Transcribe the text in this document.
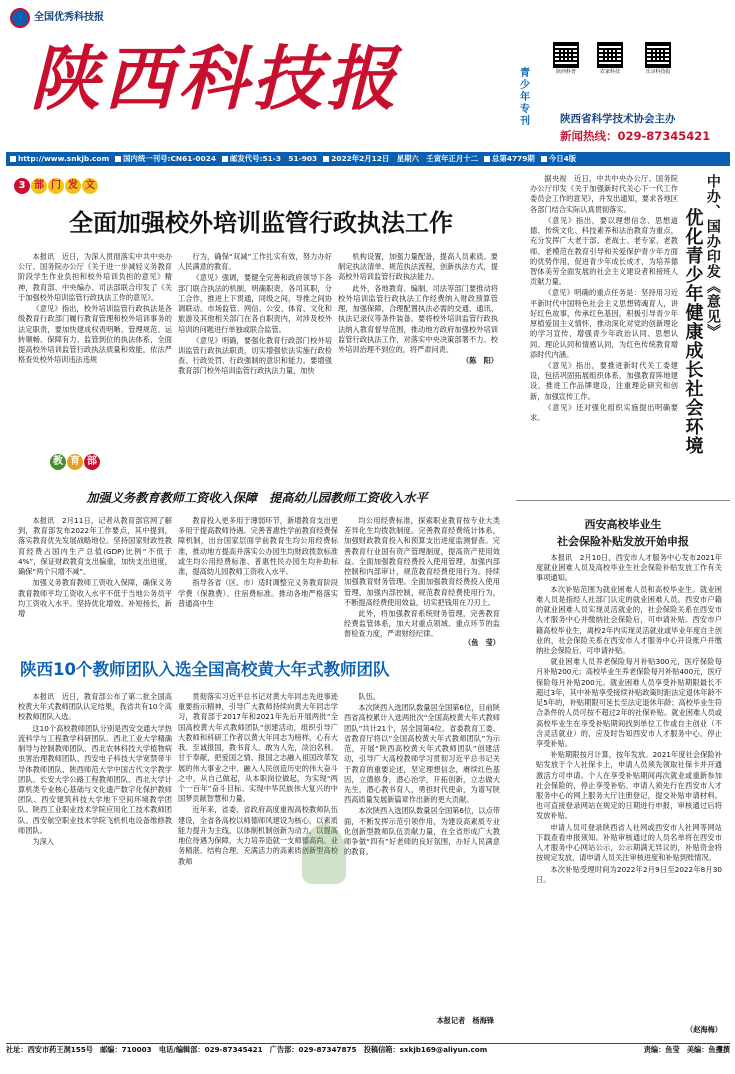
全国优秀科技报
陕西科技报	青少年专刊
陕西科普	农家科技	乐享科技报
陕西省科学技术协会主办
新闻热线：029-87345421
http://www.snkjb.com	国内统一刊号:CN61-0024	邮发代号:51-3　51-903	2022年2月12日　星期六　壬寅年正月十二	总第4779期	今日4版
3 部 门 发 文
全面加强校外培训监管行政执法工作

本报讯　近日，为深入贯彻落实中共中央办公厅、国务院办公厅《关于进一步减轻义务教育阶段学生作业负担和校外培训负担的意见》精神，教育部、中央编办、司法部联合印发了《关于加强校外培训监管行政执法工作的意见》。

《意见》指出，校外培训监管行政执法是各级教育行政部门履行教育管理和校外培训事务的法定职责，要加快建成权责明晰、管理规范、运转顺畅、保障有力、监管到位的执法体系，全面提高校外培训监管行政执法质量和效能，依法严格查处校外培训违法违规

行为，确保“双减”工作扎实有效，努力办好人民满意的教育。

《意见》强调，要健全完善和政府领导下各部门联合执法的机制，明确职责，各司其职，分工合作，推进上下贯通，同级之间，导推之间协调联动。市场监管、网信、公安、体育、文化和旅游及其他相关部门在各自职责内，对涉及校外培训的问题进行单独或联合监管。

《意见》明确，要强化教育行政部门校外培训监管行政执法职责，切实增强依法实施行政检查、行政处罚、行政强制的意识和能力。要增强教育部门校外培训监管行政执法力量，加快

机构设置，加强力量配备，提高人员素质。要制定执法清单、规范执法流程，创新执法方式，提高校外培训监管行政执法能力。

此外，各地教育、编制、司法等部门要推动将校外培训监管行政执法工作经费纳入财政预算管理，加强保障，合理配置执法必需的交通、通讯、执法记录仪等条件装备。要将校外培训监管行政执法纳入教育督导范围，推动地方政府加强校外培训监管行政执法工作，对落实中央决策部署不力、校外培训治理不到位的，将严肃问责。

（陈　阳）
教 育 部
加强义务教育教师工资收入保障　提高幼儿园教师工资收入水平

本报讯　2月11日，记者从教育部官网了解到，教育部发布2022年工作要点，其中提到，落实教育优先发展战略地位。坚持国家财政性教育经费占国内生产总值(GDP)比例“不低于4%”，保证财政教育支出偏重，加快支出进度，确保“两个只增不减”。

加强义务教育教师工资收入保障，确保义务教育教师平均工资收入水平不低于当地公务员平均工资收入水平。坚持优化增效、补短扬长，新增

教育投入更多用于薄弱环节，新增教育支出更多用于提高教师待遇。完善普惠性学前教育经费保障机制，出台国家层面学前教育生均公用经费标准，推动地方提高并落实公办园生均财政拨款标准或生均公用经费标准、普惠性民办园生均补助标准，提高幼儿园教师工资收入水平。

指导各省（区、市）适时调整完义务教育阶段学费（保教费）、住宿费标准。推动各地严格落实普通高中生

均公用经费标准，探索职业教育按专业大类差异化生均拨款制度。完善教育经费统计体系，加强财政教育投入和预算支出进度监测督查。完善教育行业国有资产管理制度，提高资产使用效益。全面加强教育经费投入使用管理，加强内部控制和内部审计，规范教育经费使用行为。持续加强教育财务管理。全面加强教育经费投入使用管理，加强内部控制，规范教育经费使用行为，不断提高经费使用效益，切实把钱用在刀刃上。

此外，将加强教育系统财务管理，完善教育经费监管体系，加大对重点领域、重点环节的监督检查力度，严肃财经纪律。

（鱼　莹）
陕西10个教师团队入选全国高校黄大年式教师团队

本报讯　近日，教育部公布了第二批全国高校黄大年式教师团队认定结果，我省共有10个高校教师团队入选。

这10个高校教师团队分别是西安交通大学热流科学与工程教学科研团队、西北工业大学精确制导与控制教师团队、西北农林科技大学植物病虫害治理教师团队、西安电子科技大学宽禁带半导体教师团队、陕西师范大学中国古代文学教学团队、长安大学公路工程教师团队、西北大学计算机类专业核心基础与文化遗产数字化保护教师团队、西安建筑科技大学地下空间环境教学团队、陕西工业职业技术学院应用化工技术教师团队、西安航空职业技术学院飞机机电设备维修教师团队。

为深入

贯彻落实习近平总书记对黄大年同志先进事迹重要指示精神，引导广大教师持续向黄大年同志学习，教育部于2017年和2021年先后开展两批“全国高校黄大年式教师团队”创建活动，组织引导广大教师和科研工作者以黄大年同志为榜样，心有大我、至诚报国，教书育人、敢为人先，淡泊名利、甘于奉献，把爱国之情、报国之志融入祖国改革发展的伟大事业之中、融入人民创造历史的伟大奋斗之中，从自己做起，从本职岗位做起，为实现“两个一百年”奋斗目标、实现中华民族伟大复兴的中国梦贡献智慧和力量。

近年来，省委、省政府高度重视高校教师队伍建设，全省各高校以师德师风建设为核心，以素质能力提升为主线，以体制机制创新为动力，以提高地位待遇为保障，大力培养造就一支师德高尚、业务精湛、结构合理、充满活力的高素质创新型高校教师

队伍。

本次陕西入选团队数量居全国第6位，目前陕西省高校累计入选两批次“全国高校黄大年式教师团队”共计21个，居全国第4位。省委教育工委、省教育厅将以“全国高校黄大年式教师团队”为示范，开展“陕西高校黄大年式教师团队”创建活动，引导广大高校教师学习贯彻习近平总书记关于教育的重要论述，坚定理想信念，赓续红色基因，立德修身，潜心治学，开拓创新，立志做大先生，潜心教书育人，勇担时代使命，为谱写陕西高质量发展新篇章作出新的更大贡献。

本次陕西入选团队数量居全国第6位，以点带面，不断发挥示范引领作用，为建设高素质专业化创新型教师队伍贡献力量，在全省形成广大教师争做“四有”好老师的良好氛围，办好人民满意的教育。

本报记者　杨海锋
中办、国办印发《意见》
优化青少年健康成长社会环境

据央视　近日，中共中央办公厅、国务院办公厅印发《关于加强新时代关心下一代工作委员会工作的意见》，并发出通知，要求各地区各部门结合实际认真贯彻落实。

《意见》指出，要以理想信念、思想道德、传统文化、科技素养和法治教育为重点，充分发挥广大老干部、老战士、老专家、老教师、老模范在教育引导和关爱保护青少年方面的优势作用，促进青少年成长成才，为培养德智体美劳全面发展的社会主义建设者和接班人贡献力量。

《意见》明确的重点任务是：坚持用习近平新时代中国特色社会主义思想铸魂育人，讲好红色故事，传承红色基因，积极引导青少年厚植爱国主义情怀，推动深化对党的创新理论的学习宣传，增强青少年政治认同、思想认同、理论认同和情感认同，为红色传统教育增添时代内涵。

《意见》指出，要推进新时代关工委建设，包括巩固拓展组织体系，加强教育阵地建设，推进工作品牌建设，注重理论研究和创新，加强宣传工作。

《意见》还对强化组织实施提出明确要求。

西安高校毕业生
社会保险补贴发放开始申报

本报讯　2月10日，西安市人才服务中心发布2021年度就业困难人员及高校毕业生社会保险补贴发放工作有关事项通知。

本次补贴范围为就业困难人员和高校毕业生。就业困难人员是指经人社部门认定的就业困难人员。西安市户籍的就业困难人员实现灵活就业的，社会保险关系在西安市人才服务中心并缴纳社会保险后，可申请补贴。西安市户籍高校毕业生，离校2年内实现灵活就业或毕业年度自主创业的，社会保险关系在西安市人才服务中心开设账户并缴纳社会保险后，可申请补贴。

就业困难人员养老保险每月补贴300元，医疗保险每月补贴200元；高校毕业生养老保险每月补贴400元，医疗保险每月补贴200元。就业困难人员享受补贴期限最长不超过3年，其中补贴享受接续补贴政策时距法定退休年龄不足5年的，补贴期限可延长至法定退休年龄；高校毕业生符合条件的人员可按不超过2年的社保补贴。就业困难人员或高校毕业生在享受补贴期间找到单位工作或自主创业（不含灵活就业）的，应及时告知西安市人才服务中心，停止享受补贴。

补贴期限按月计算，按年发放。2021年度社会保险补贴发放于个人社保卡上，申请人员须先领取社保卡并开通激活方可申请。个人在享受补贴期间再次就业或重新参加社会保险的，停止享受补贴。申请人须先行在西安市人才服务中心的网上服务大厅注册登记，提交补贴申请材料。也可直接登录网站在规定的日期进行申报，审核通过后将发放补贴。

申请人员可登录陕西省人社网或西安市人社网等网站下载查看申报须知。补贴审核通过的人员名单将在西安市人才服务中心网站公示，公示期满无异议的，补贴资金将按规定发放，请申请人员关注审核进度和补贴到账情况。

本次补贴受理时间为2022年2月9日至2022年8月30日。

（赵海梅）
社址：西安市药王洞155号　邮编：710003　电话/编辑部：029-87345421　广告部：029-87347875　投稿信箱：sxkjb169@aliyun.com	责编：鱼莹　美编：鱼攫撰
